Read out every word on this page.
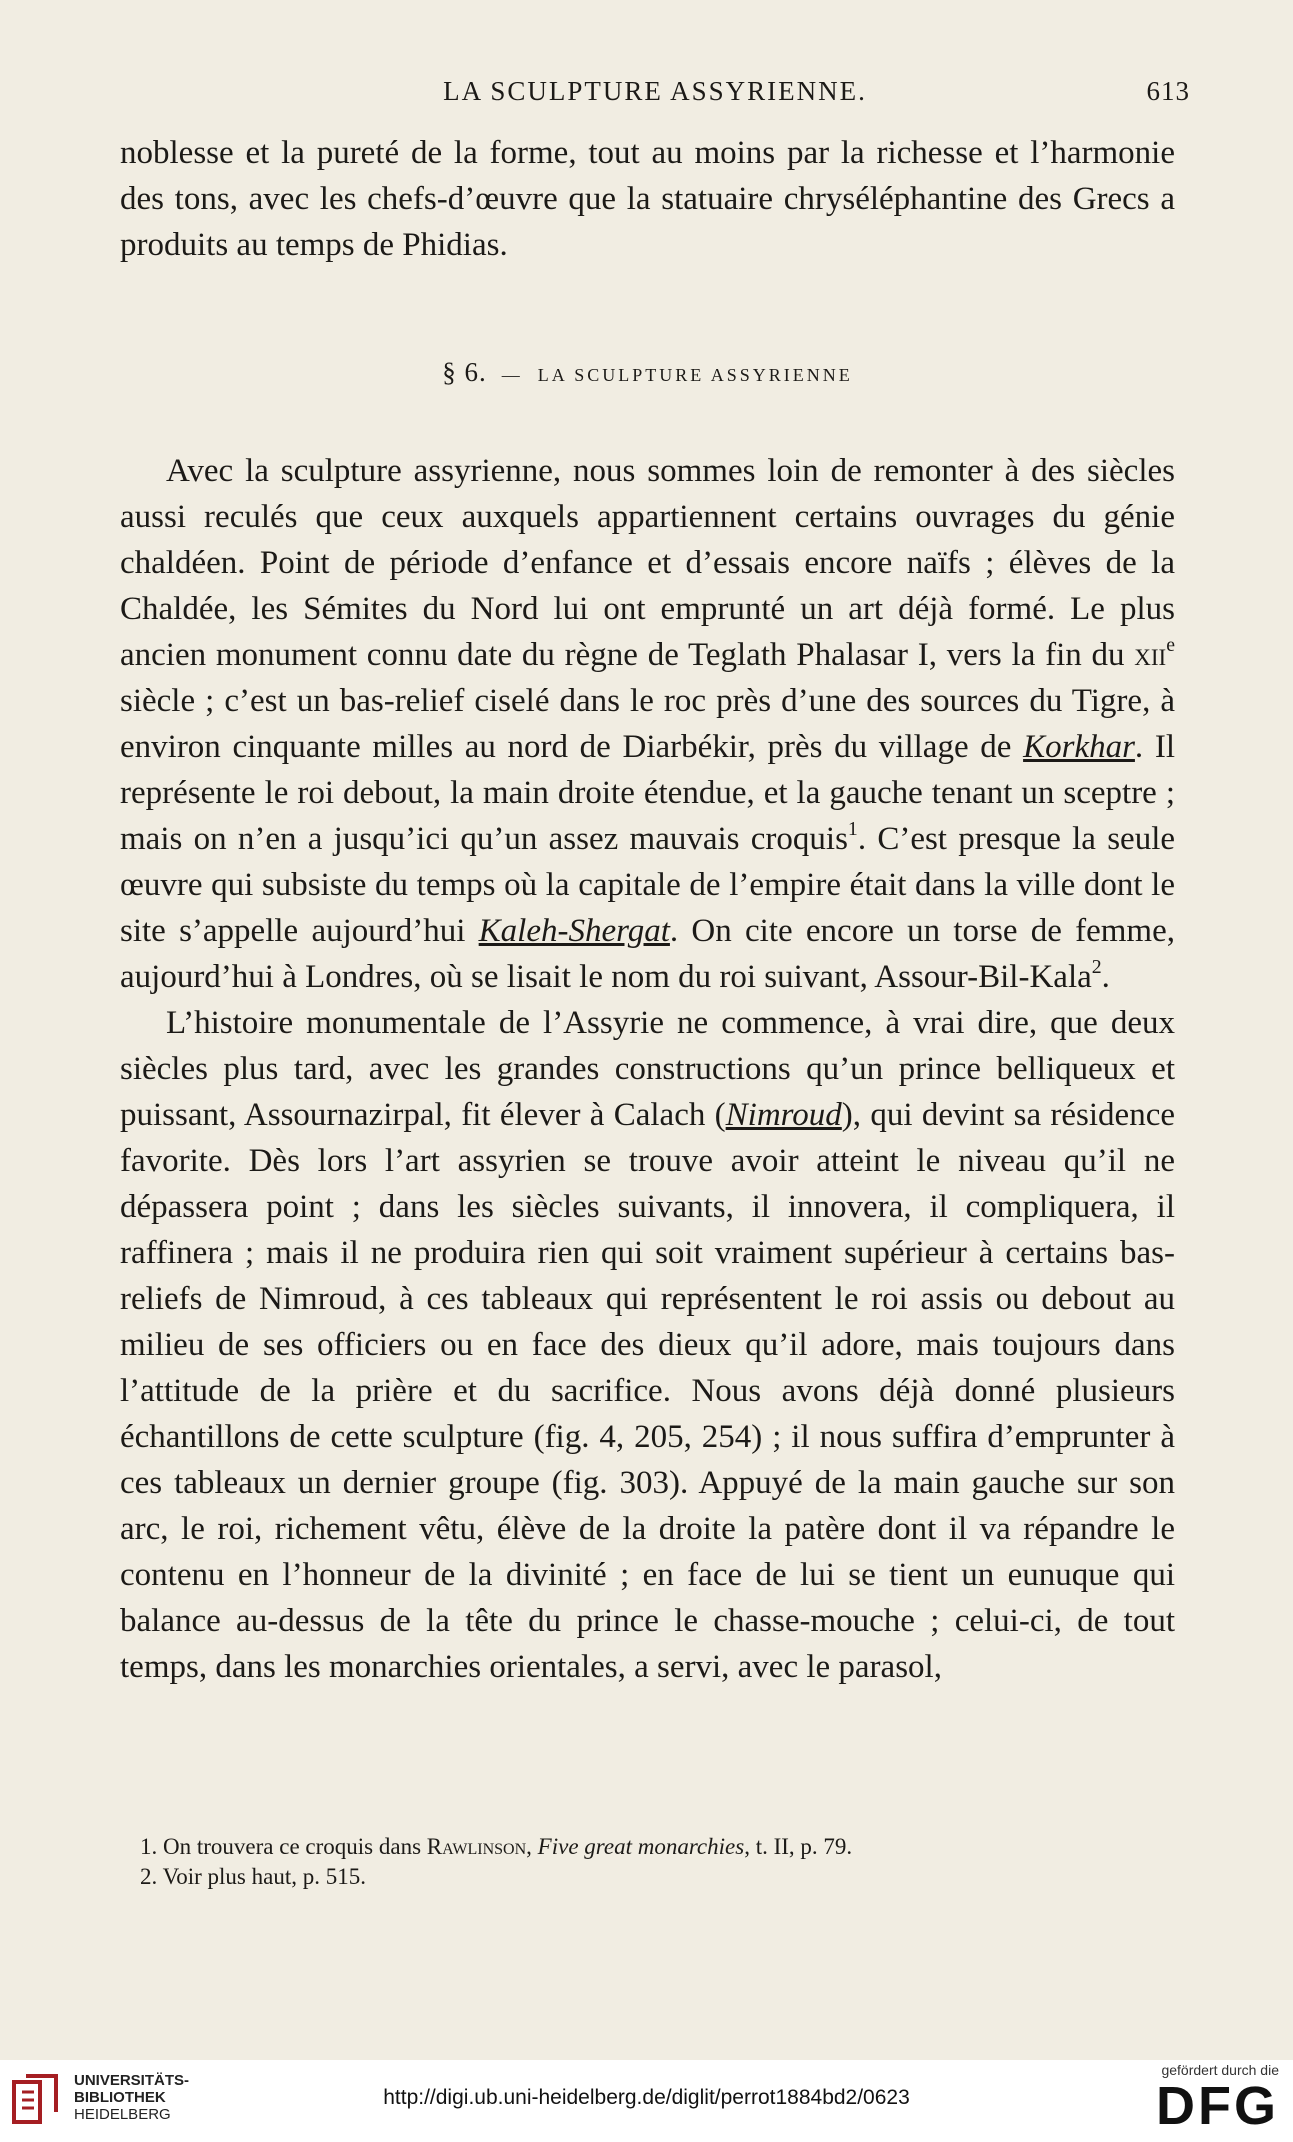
LA SCULPTURE ASSYRIENNE.	613

noblesse et la pureté de la forme, tout au moins par la richesse et l’harmonie des tons, avec les chefs-d’œuvre que la statuaire chryséléphantine des Grecs a produits au temps de Phidias.

§ 6. — LA SCULPTURE ASSYRIENNE

Avec la sculpture assyrienne, nous sommes loin de remonter à des siècles aussi reculés que ceux auxquels appartiennent certains ouvrages du génie chaldéen. Point de période d’enfance et d’essais encore naïfs ; élèves de la Chaldée, les Sémites du Nord lui ont emprunté un art déjà formé. Le plus ancien monument connu date du règne de Teglath Phalasar I, vers la fin du xii$^e$ siècle ; c’est un bas-relief ciselé dans le roc près d’une des sources du Tigre, à environ cinquante milles au nord de Diarbékir, près du village de Korkhar. Il représente le roi debout, la main droite étendue, et la gauche tenant un sceptre ; mais on n’en a jusqu’ici qu’un assez mauvais croquis$^1$. C’est presque la seule œuvre qui subsiste du temps où la capitale de l’empire était dans la ville dont le site s’appelle aujourd’hui Kaleh-Shergat. On cite encore un torse de femme, aujourd’hui à Londres, où se lisait le nom du roi suivant, Assour-Bil-Kala$^2$.

L’histoire monumentale de l’Assyrie ne commence, à vrai dire, que deux siècles plus tard, avec les grandes constructions qu’un prince belliqueux et puissant, Assournazirpal, fit élever à Calach (Nimroud), qui devint sa résidence favorite. Dès lors l’art assyrien se trouve avoir atteint le niveau qu’il ne dépassera point ; dans les siècles suivants, il innovera, il compliquera, il raffinera ; mais il ne produira rien qui soit vraiment supérieur à certains bas-reliefs de Nimroud, à ces tableaux qui représentent le roi assis ou debout au milieu de ses officiers ou en face des dieux qu’il adore, mais toujours dans l’attitude de la prière et du sacrifice. Nous avons déjà donné plusieurs échantillons de cette sculpture (fig. 4, 205, 254) ; il nous suffira d’emprunter à ces tableaux un dernier groupe (fig. 303). Appuyé de la main gauche sur son arc, le roi, richement vêtu, élève de la droite la patère dont il va répandre le contenu en l’honneur de la divinité ; en face de lui se tient un eunuque qui balance au-dessus de la tête du prince le chasse-mouche ; celui-ci, de tout temps, dans les monarchies orientales, a servi, avec le parasol,

1. On trouvera ce croquis dans Rawlinson, Five great monarchies, t. II, p. 79.

2. Voir plus haut, p. 515.

UNIVERSITÄTS-
BIBLIOTHEK
HEIDELBERG
http://digi.ub.uni-heidelberg.de/diglit/perrot1884bd2/0623
gefördert durch die
DFG
